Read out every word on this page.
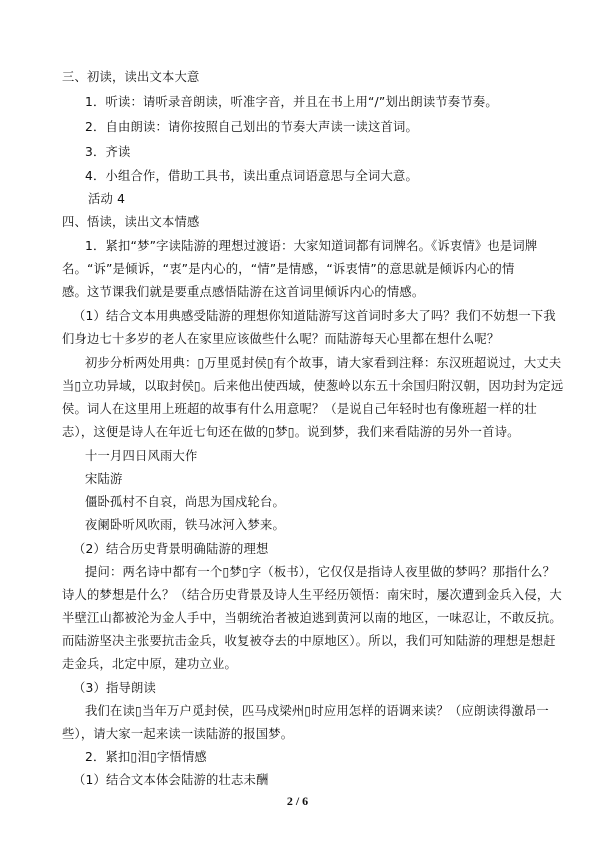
三、初读，读出文本大意
1．听读：请听录音朗读，听准字音，并且在书上用“/”划出朗读节奏节奏。
2．自由朗读：请你按照自己划出的节奏大声读一读这首词。
3．齐读
4．小组合作，借助工具书，读出重点词语意思与全词大意。
活动 4
四、悟读，读出文本情感
1．紧扣“梦”字读陆游的理想过渡语：大家知道词都有词牌名。《诉衷情》也是词牌
名。“诉”是倾诉，“衷”是内心的，“情”是情感，“诉衷情”的意思就是倾诉内心的情
感。这节课我们就是要重点感悟陆游在这首词里倾诉内心的情感。
（1）结合文本用典感受陆游的理想你知道陆游写这首词时多大了吗？我们不妨想一下我
们身边七十多岁的老人在家里应该做些什么呢？而陆游每天心里都在想什么呢？
初步分析两处用典：▯万里觅封侯▯有个故事，请大家看到注释：东汉班超说过，大丈夫
当▯立功异域，以取封侯▯。后来他出使西域，使葱岭以东五十余国归附汉朝，因功封为定远
侯。词人在这里用上班超的故事有什么用意呢？（是说自己年轻时也有像班超一样的壮
志），这便是诗人在年近七旬还在做的▯梦▯。说到梦，我们来看陆游的另外一首诗。
十一月四日风雨大作
宋陆游
僵卧孤村不自哀，尚思为国戍轮台。
夜阑卧听风吹雨，铁马冰河入梦来。
（2）结合历史背景明确陆游的理想
提问：两名诗中都有一个▯梦▯字（板书），它仅仅是指诗人夜里做的梦吗？那指什么？
诗人的梦想是什么？（结合历史背景及诗人生平经历领悟：南宋时，屡次遭到金兵入侵，大
半壁江山都被沦为金人手中，当朝统治者被迫逃到黄河以南的地区，一味忍让，不敢反抗。
而陆游坚决主张要抗击金兵，收复被夺去的中原地区）。所以，我们可知陆游的理想是想赶
走金兵，北定中原，建功立业。
（3）指导朗读
我们在读▯当年万户觅封侯，匹马戍梁州▯时应用怎样的语调来读？（应朗读得激昂一
些），请大家一起来读一读陆游的报国梦。
2．紧扣▯泪▯字悟情感
（1）结合文本体会陆游的壮志未酬
2 / 6
